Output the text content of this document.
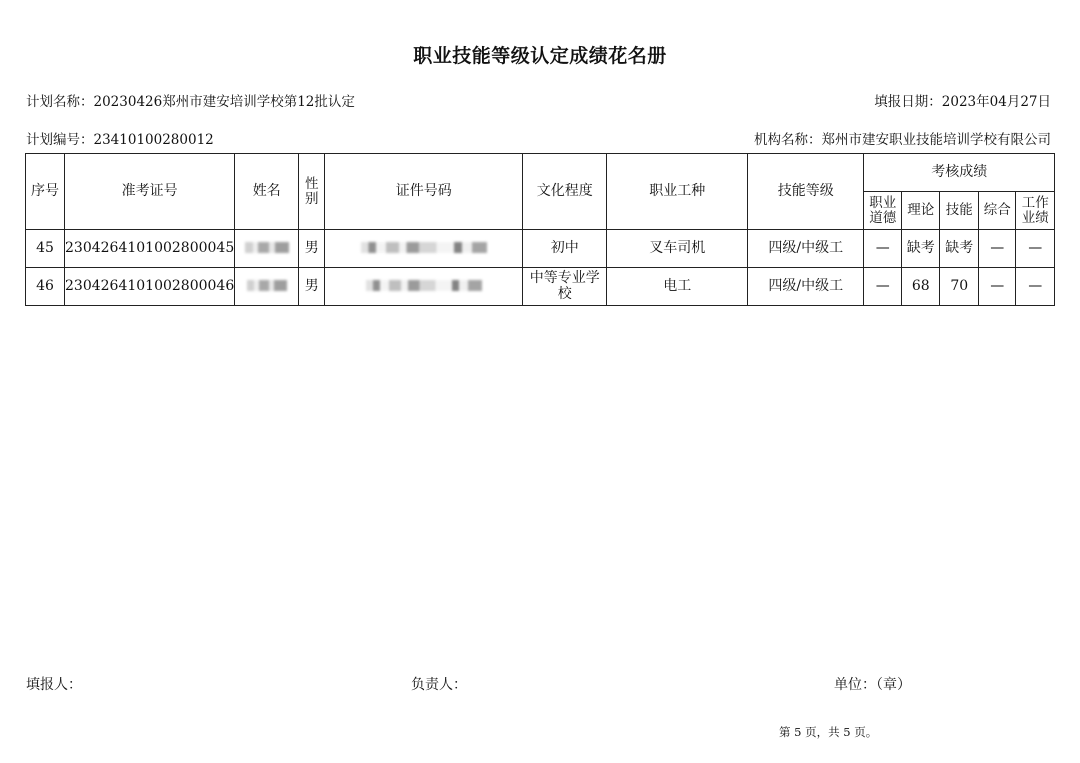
职业技能等级认定成绩花名册
计划名称：20230426郑州市建安培训学校第12批认定	填报日期：2023年04月27日
计划编号：23410100280012	机构名称：郑州市建安职业技能培训学校有限公司
序号	准考证号	姓名	性别	证件号码	文化程度	职业工种	技能等级	考核成绩				
								职业道德	理论	技能	综合	工作业绩
45	2304264101002800045		男		初中	叉车司机	四级/中级工	—	缺考	缺考	—	—
46	2304264101002800046		男		中等专业学校	电工	四级/中级工	—	68	70	—	—
填报人：	负责人：	单位：（章）
第 5 页，共 5 页。
